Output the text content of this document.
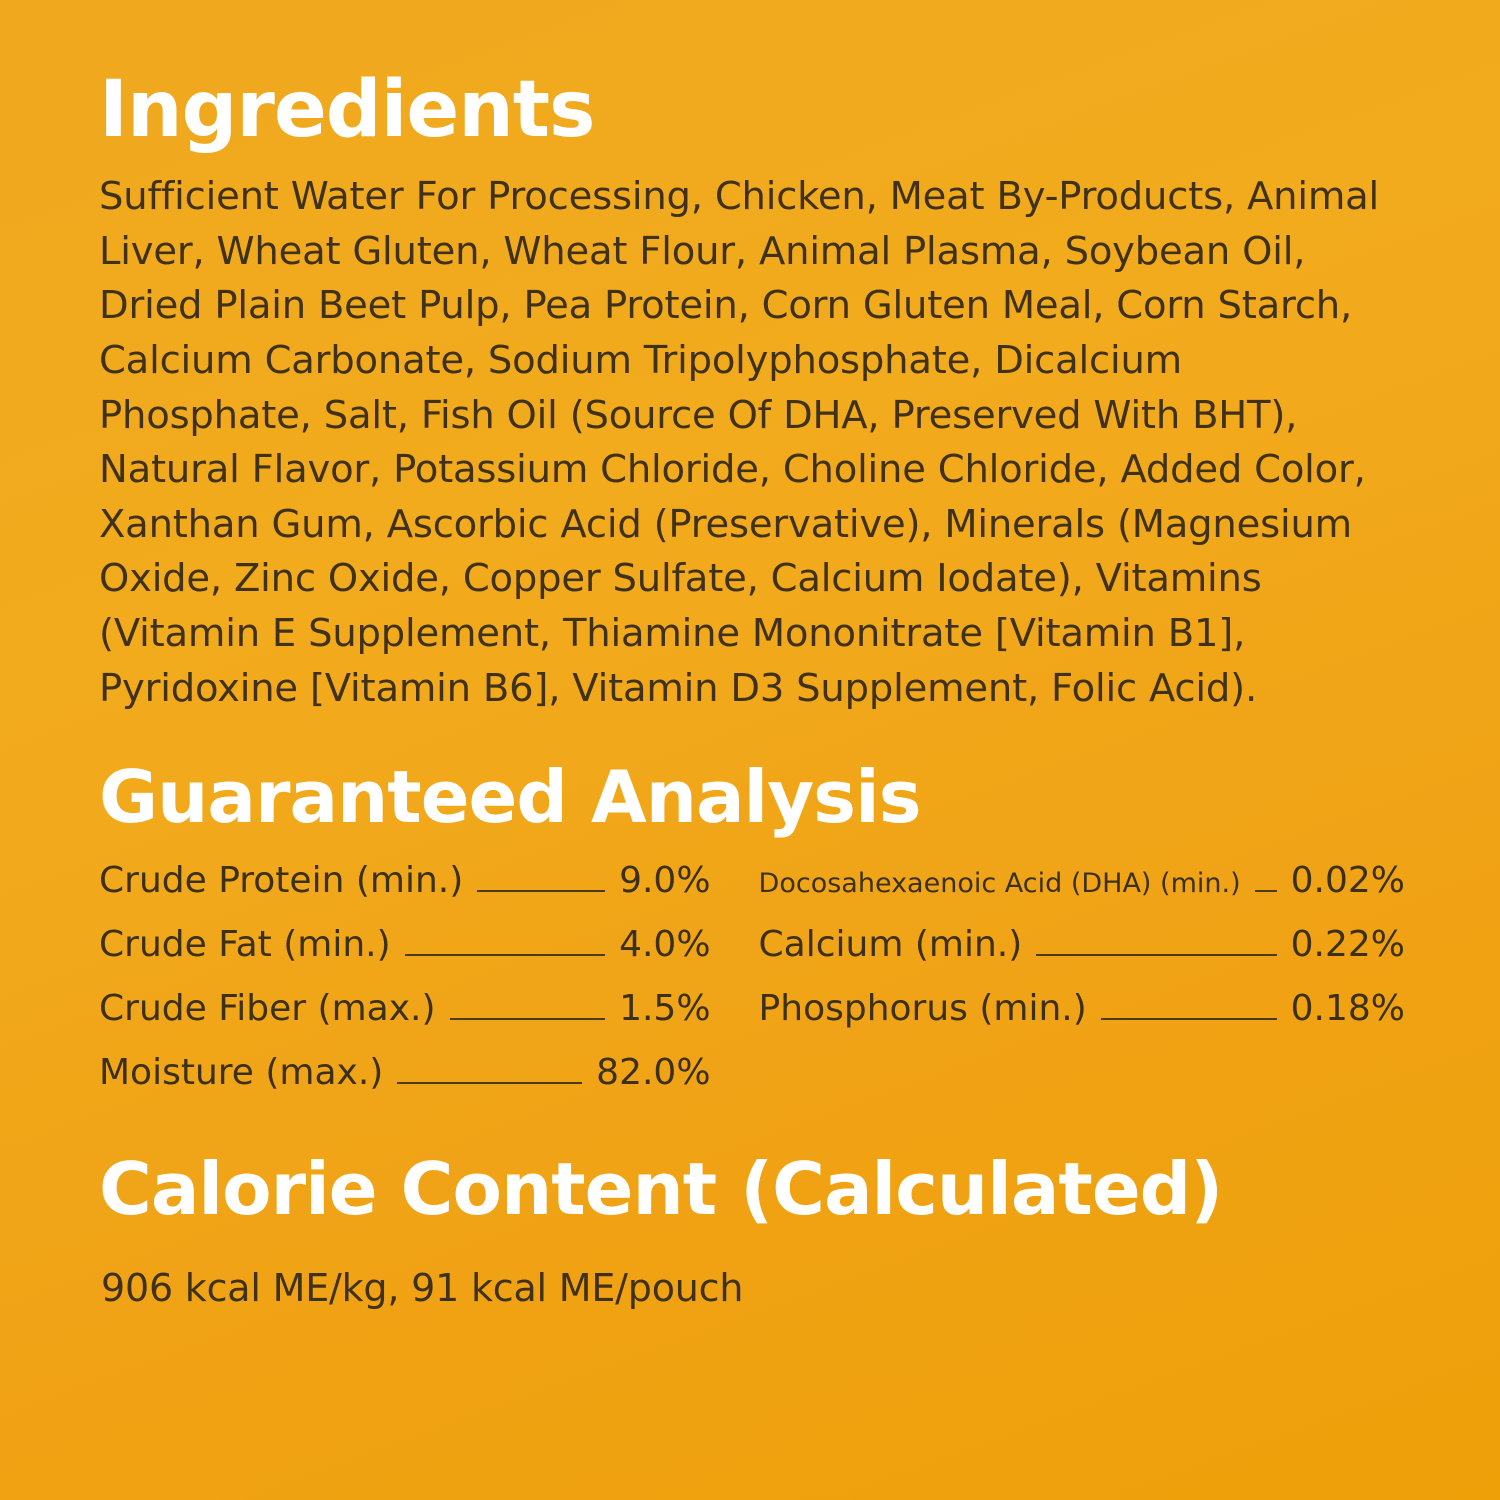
Ingredients

Sufficient Water For Processing, Chicken, Meat By-Products, Animal Liver, Wheat Gluten, Wheat Flour, Animal Plasma, Soybean Oil, Dried Plain Beet Pulp, Pea Protein, Corn Gluten Meal, Corn Starch, Calcium Carbonate, Sodium Tripolyphosphate, Dicalcium Phosphate, Salt, Fish Oil (Source Of DHA, Preserved With BHT), Natural Flavor, Potassium Chloride, Choline Chloride, Added Color, Xanthan Gum, Ascorbic Acid (Preservative), Minerals (Magnesium Oxide, Zinc Oxide, Copper Sulfate, Calcium Iodate), Vitamins (Vitamin E Supplement, Thiamine Mononitrate [Vitamin B1], Pyridoxine [Vitamin B6], Vitamin D3 Supplement, Folic Acid).

Guaranteed Analysis
Crude Protein (min.)	9.0%
Crude Fat (min.)	4.0%
Crude Fiber (max.)	1.5%
Moisture (max.)	82.0%
Docosahexaenoic Acid (DHA) (min.) 0.02%
Calcium (min.)	0.22%
Phosphorus (min.)	0.18%
Calorie Content (Calculated)

906 kcal ME/kg, 91 kcal ME/pouch
